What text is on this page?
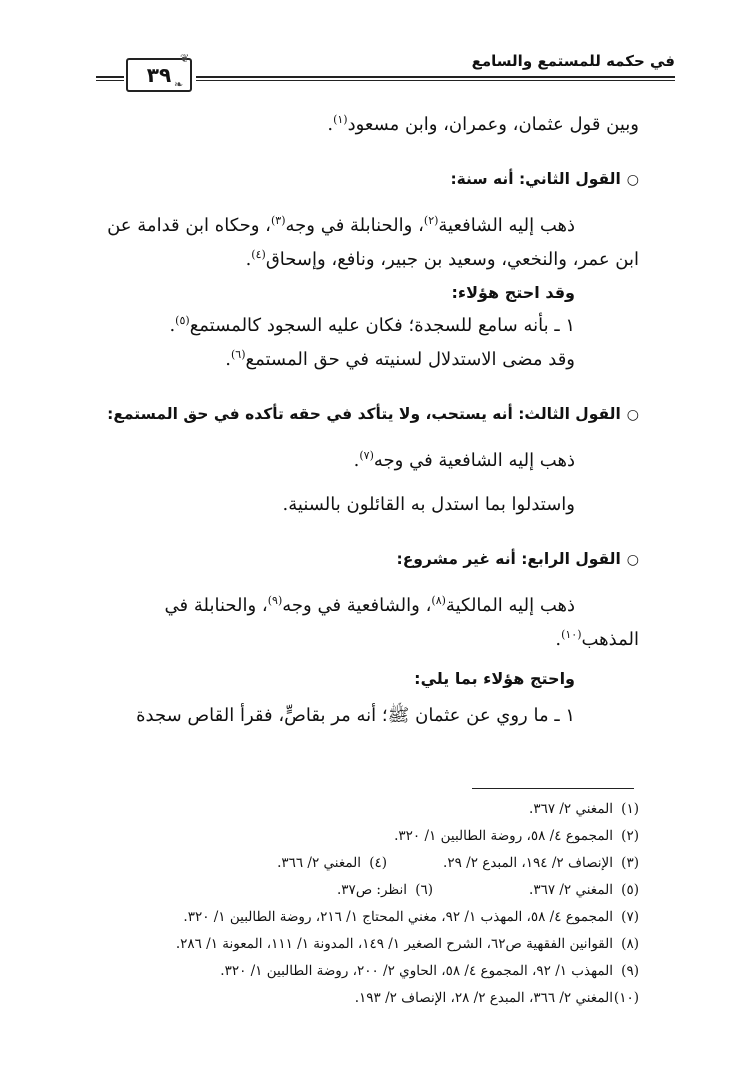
في حكمه للمستمع والسامع
٣٩
❦
❧

وبين قول عثمان، وعمران، وابن مسعود$^{(١)}$.

○القول الثاني: أنه سنة:

ذهب إليه الشافعية$^{(٢)}$، والحنابلة في وجه$^{(٣)}$، وحكاه ابن قدامة عن

ابن عمر، والنخعي، وسعيد بن جبير، ونافع، وإسحاق$^{(٤)}$.

وقد احتج هؤلاء:

١ ـ بأنه سامع للسجدة؛ فكان عليه السجود كالمستمع$^{(٥)}$.

وقد مضى الاستدلال لسنيته في حق المستمع$^{(٦)}$.

○القول الثالث: أنه يستحب، ولا يتأكد في حقه تأكده في حق المستمع:

ذهب إليه الشافعية في وجه$^{(٧)}$.

واستدلوا بما استدل به القائلون بالسنية.

○القول الرابع: أنه غير مشروع:

ذهب إليه المالكية$^{(٨)}$، والشافعية في وجه$^{(٩)}$، والحنابلة في

المذهب$^{(١٠)}$.

واحتج هؤلاء بما يلي:

١ ـ ما روي عن عثمان ﷺ؛ أنه مر بقاصٍّ، فقرأ القاص سجدة

(١)المغني ٢/ ٣٦٧.

(٢)المجموع ٤/ ٥٨، روضة الطالبين ١/ ٣٢٠.

(٣)الإنصاف ٢/ ١٩٤، المبدع ٢/ ٢٩.(٤)المغني ٢/ ٣٦٦.

(٥)المغني ٢/ ٣٦٧.(٦)انظر: ص٣٧.

(٧)المجموع ٤/ ٥٨، المهذب ١/ ٩٢، مغني المحتاج ١/ ٢١٦، روضة الطالبين ١/ ٣٢٠.

(٨)القوانين الفقهية ص٦٢، الشرح الصغير ١/ ١٤٩، المدونة ١/ ١١١، المعونة ١/ ٢٨٦.

(٩)المهذب ١/ ٩٢، المجموع ٤/ ٥٨، الحاوي ٢/ ٢٠٠، روضة الطالبين ١/ ٣٢٠.

(١٠)المغني ٢/ ٣٦٦، المبدع ٢/ ٢٨، الإنصاف ٢/ ١٩٣.
